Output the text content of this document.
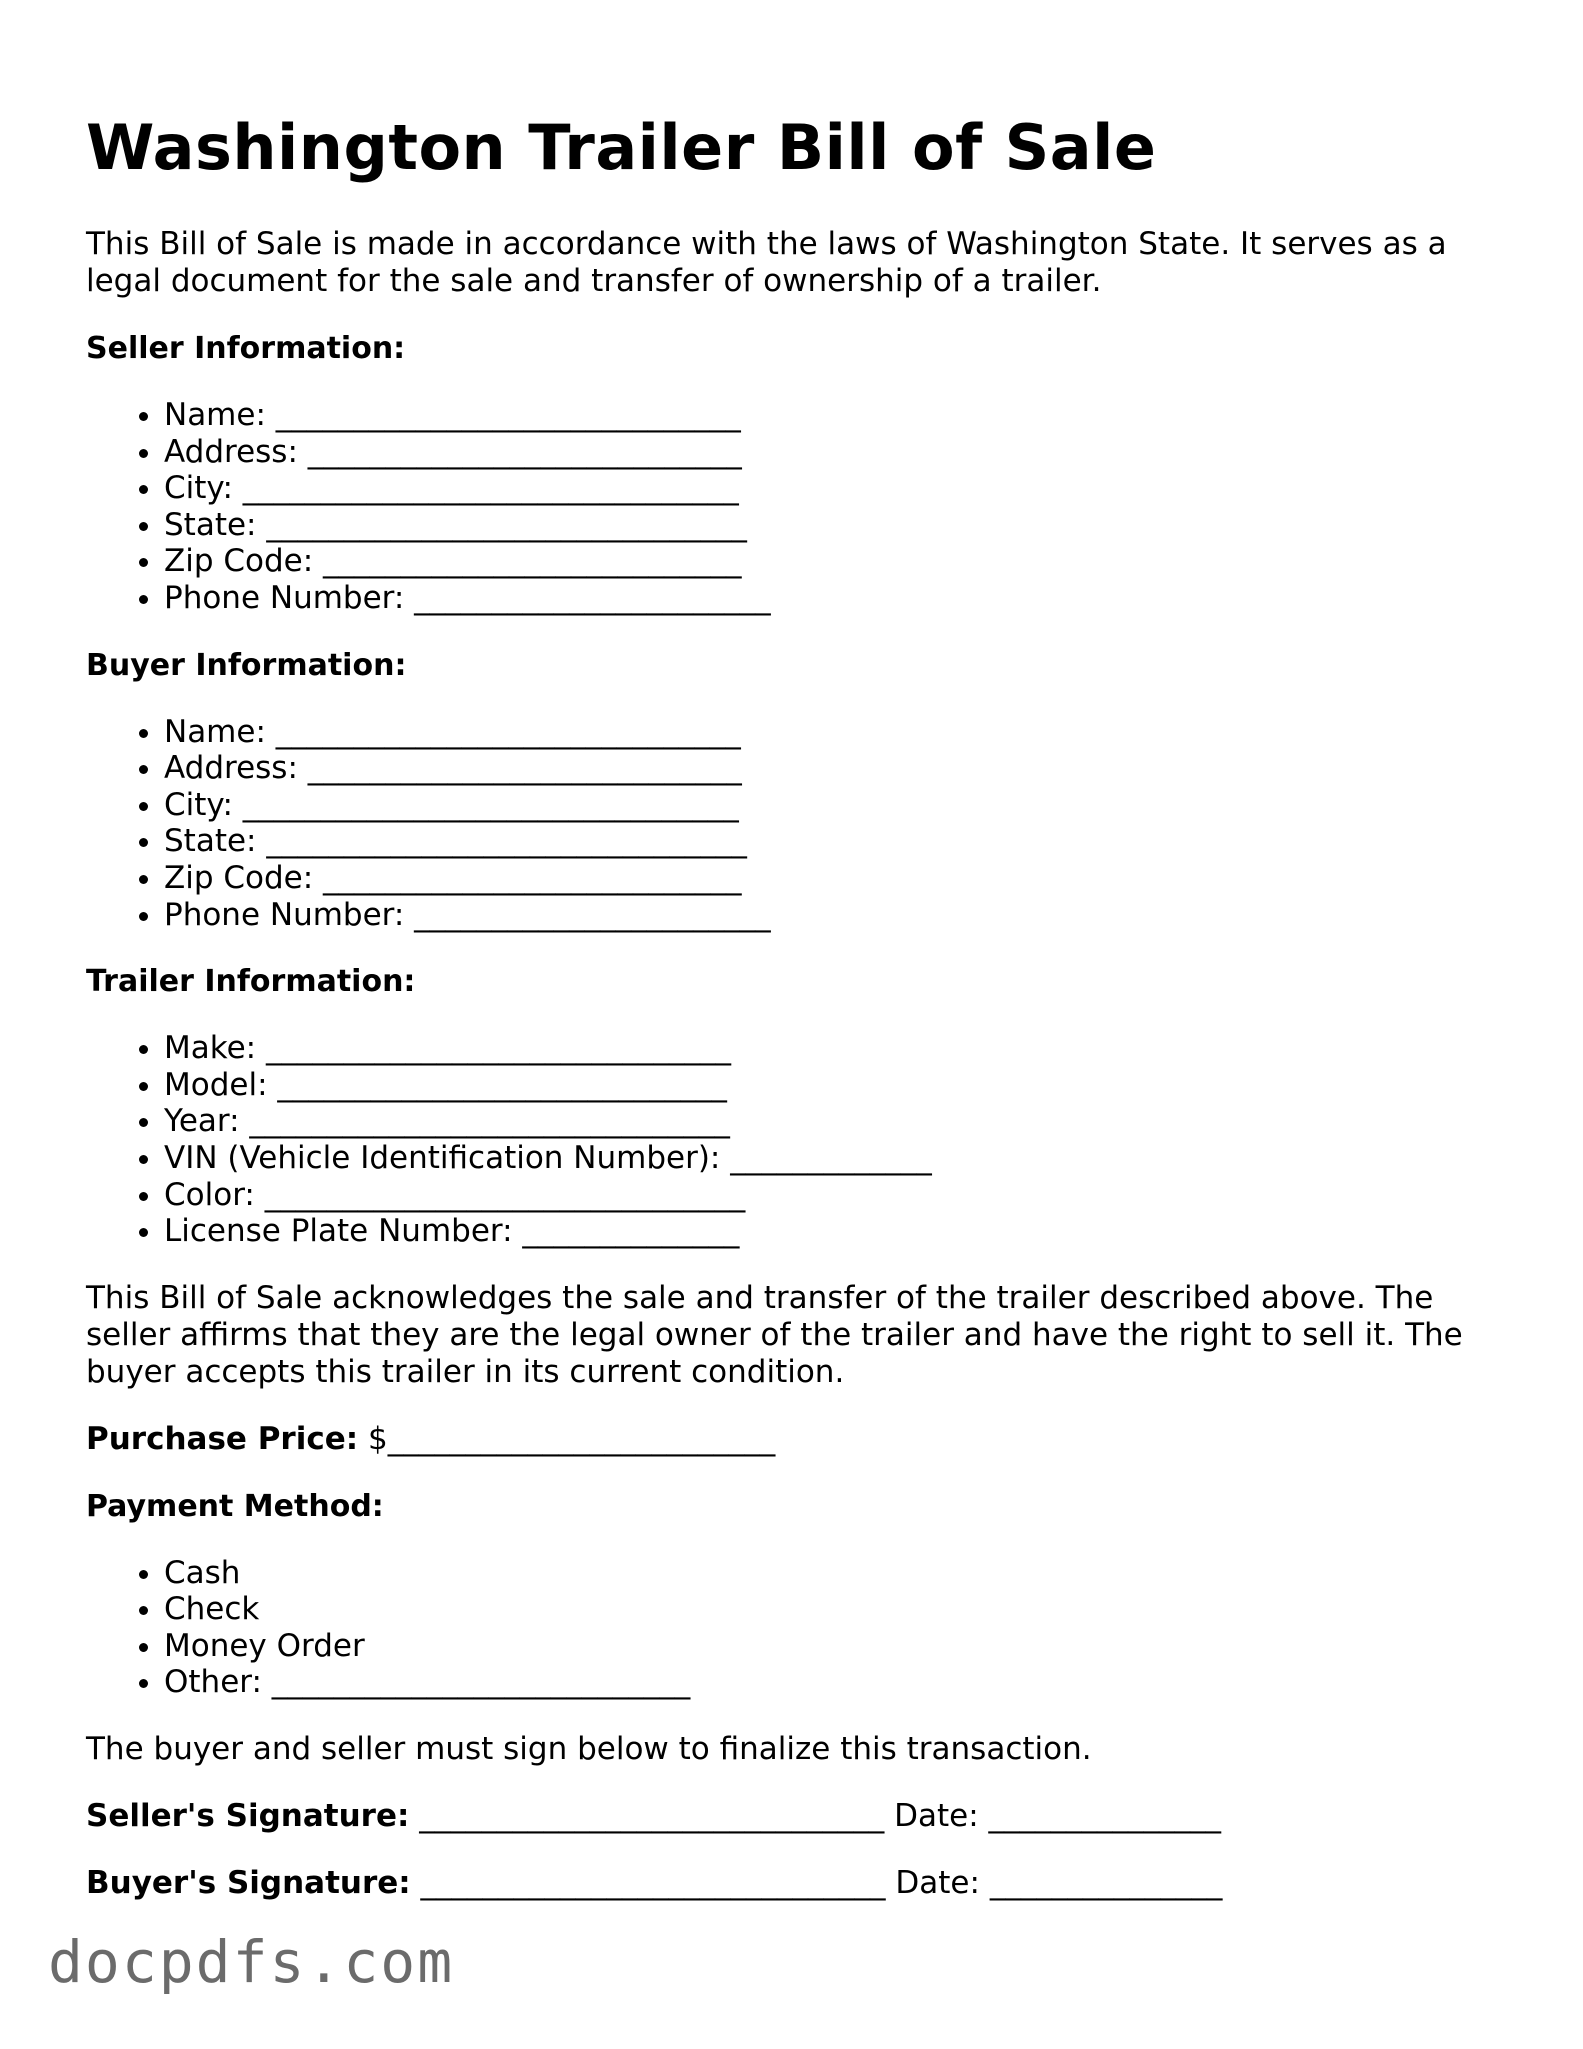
Washington Trailer Bill of Sale

This Bill of Sale is made in accordance with the laws of Washington State. It serves as a legal document for the sale and transfer of ownership of a trailer.

Seller Information:

• Name: ______________________________
• Address: ____________________________
• City: ________________________________
• State: _______________________________
• Zip Code: ___________________________
• Phone Number: _______________________

Buyer Information:

• Name: ______________________________
• Address: ____________________________
• City: ________________________________
• State: _______________________________
• Zip Code: ___________________________
• Phone Number: _______________________

Trailer Information:

• Make: ______________________________
• Model: _____________________________
• Year: _______________________________
• VIN (Vehicle Identification Number): _____________
• Color: _______________________________
• License Plate Number: ______________

This Bill of Sale acknowledges the sale and transfer of the trailer described above. The seller affirms that they are the legal owner of the trailer and have the right to sell it. The buyer accepts this trailer in its current condition.

Purchase Price: $_________________________

Payment Method:

• Cash
• Check
• Money Order
• Other: ___________________________

The buyer and seller must sign below to finalize this transaction.

Seller's Signature: ______________________________ Date: _______________

Buyer's Signature: ______________________________ Date: _______________

docpdfs.com
